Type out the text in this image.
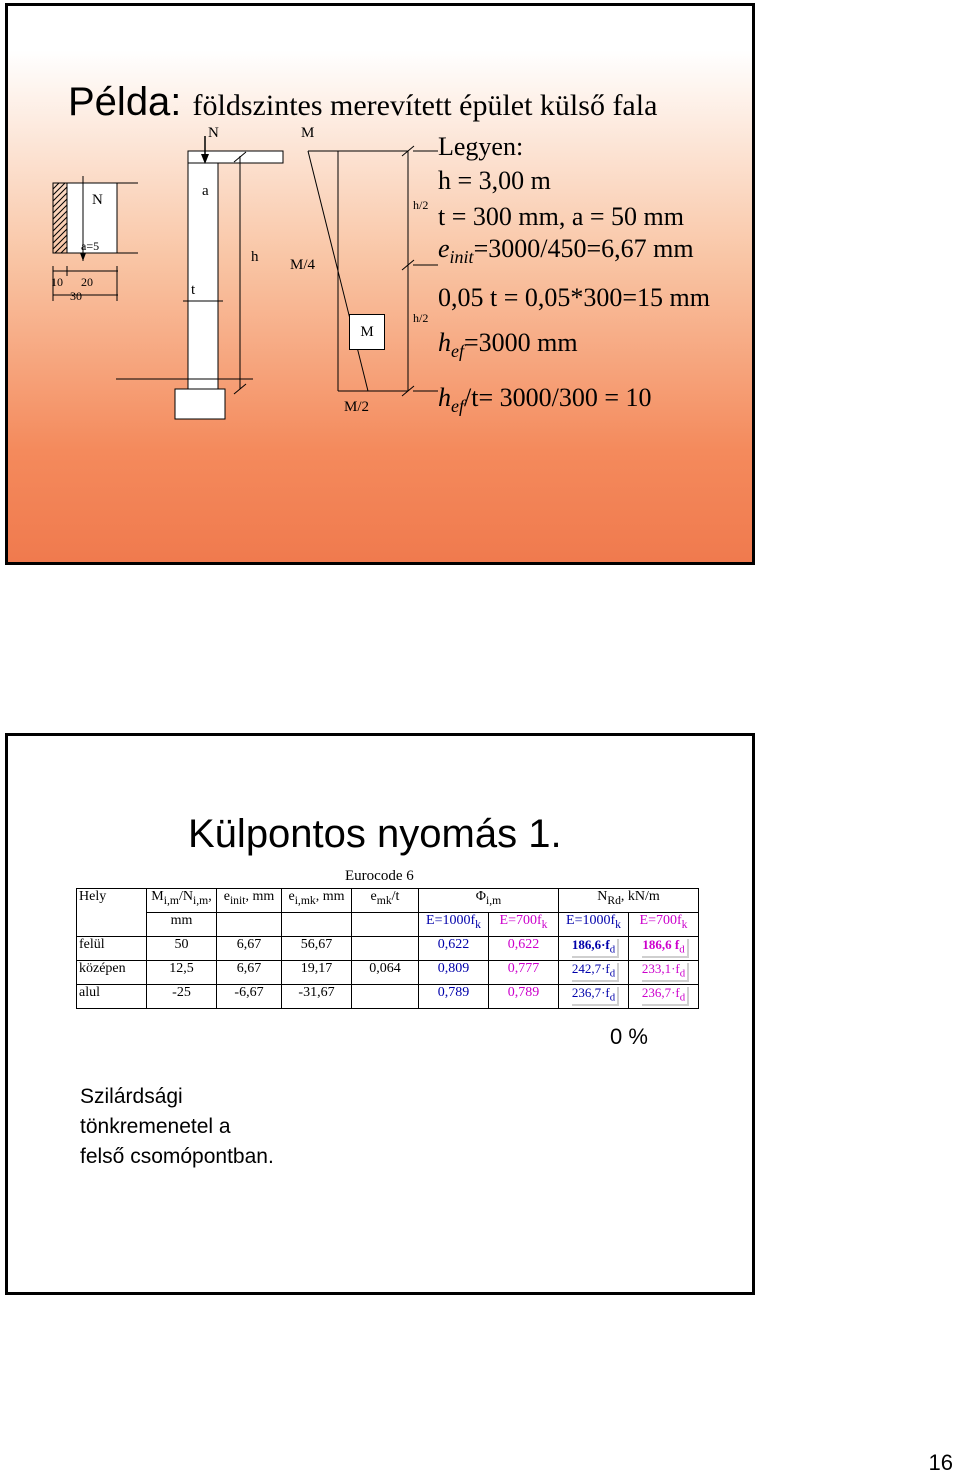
Példa: földszintes merevített épület külső fala
N
a=5
10 20
30
N
a
t
h
M
M/4
M
M/2
h/2
h/2
Legyen:
h = 3,00 m
t = 300 mm, a = 50 mm
$e_{init}=3000/450=6,67$ mm
0,05 t = 0,05*300=15 mm
$h_{ef}=3000$ mm
$h_{ef}/t= 3000/300 = 10$
Külpontos nyomás 1.
Eurocode 6
Hely	$M_{i,m}/N_{i,m}$,	$e_{init}$, mm	$e_{i,mk}$, mm	$e_{mk}/t$	$\Phi_{i,m}$		$N_{Rd}$, kN/m	
	mm				$E=1000f_k$	$E=700f_k$	$E=1000f_k$	$E=700f_k$
felül	50	6,67	56,67		0,622	0,622	$186,6\cdot f_d$	186,6 $f_d$
középen	12,5	6,67	19,17	0,064	0,809	0,777	$242,7\cdot f_d$	$233,1\cdot f_d$
alul	-25	-6,67	-31,67		0,789	0,789	$236,7\cdot f_d$	$236,7\cdot f_d$
0 %
Szilárdsági tönkremenetel a felső csomópontban.
16
